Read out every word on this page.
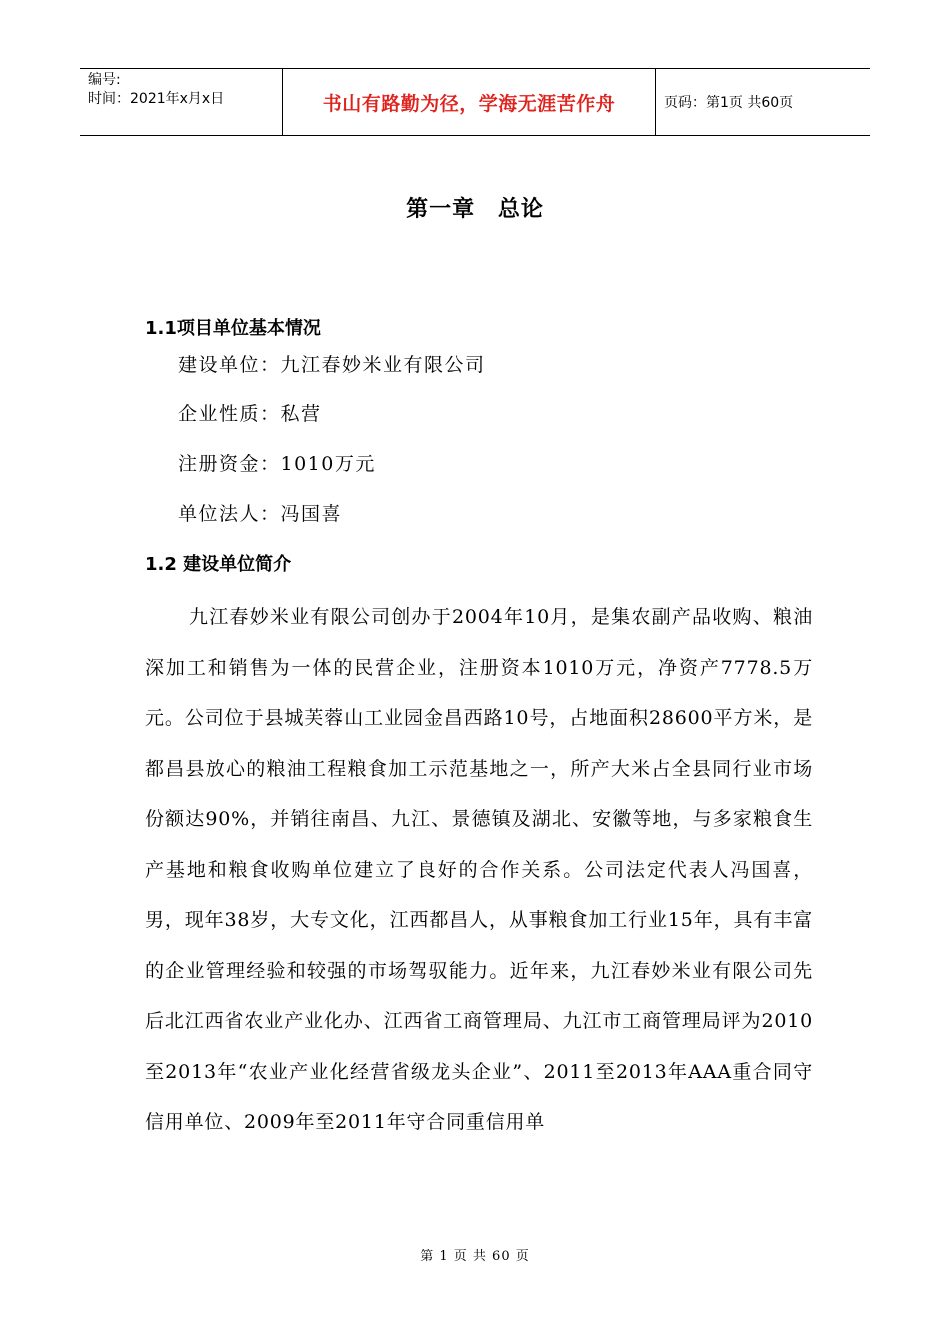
编号:
时间：2021年x月x日	书山有路勤为径，学海无涯苦作舟	页码：第1页 共60页
第一章 总论
1.1项目单位基本情况
建设单位：九江春妙米业有限公司
企业性质：私营
注册资金：1010万元
单位法人：冯国喜
1.2 建设单位简介

九江春妙米业有限公司创办于2004年10月，是集农副产品收购、粮油深加工和销售为一体的民营企业，注册资本1010万元，净资产7778.5万元。公司位于县城芙蓉山工业园金昌西路10号，占地面积28600平方米，是都昌县放心的粮油工程粮食加工示范基地之一，所产大米占全县同行业市场份额达90%，并销往南昌、九江、景德镇及湖北、安徽等地，与多家粮食生产基地和粮食收购单位建立了良好的合作关系。公司法定代表人冯国喜，男，现年38岁，大专文化，江西都昌人，从事粮食加工行业15年，具有丰富的企业管理经验和较强的市场驾驭能力。近年来，九江春妙米业有限公司先后北江西省农业产业化办、江西省工商管理局、九江市工商管理局评为2010至2013年“农业产业化经营省级龙头企业”、2011至2013年AAA重合同守信用单位、2009年至2011年守合同重信用单

第 1 页 共 60 页
